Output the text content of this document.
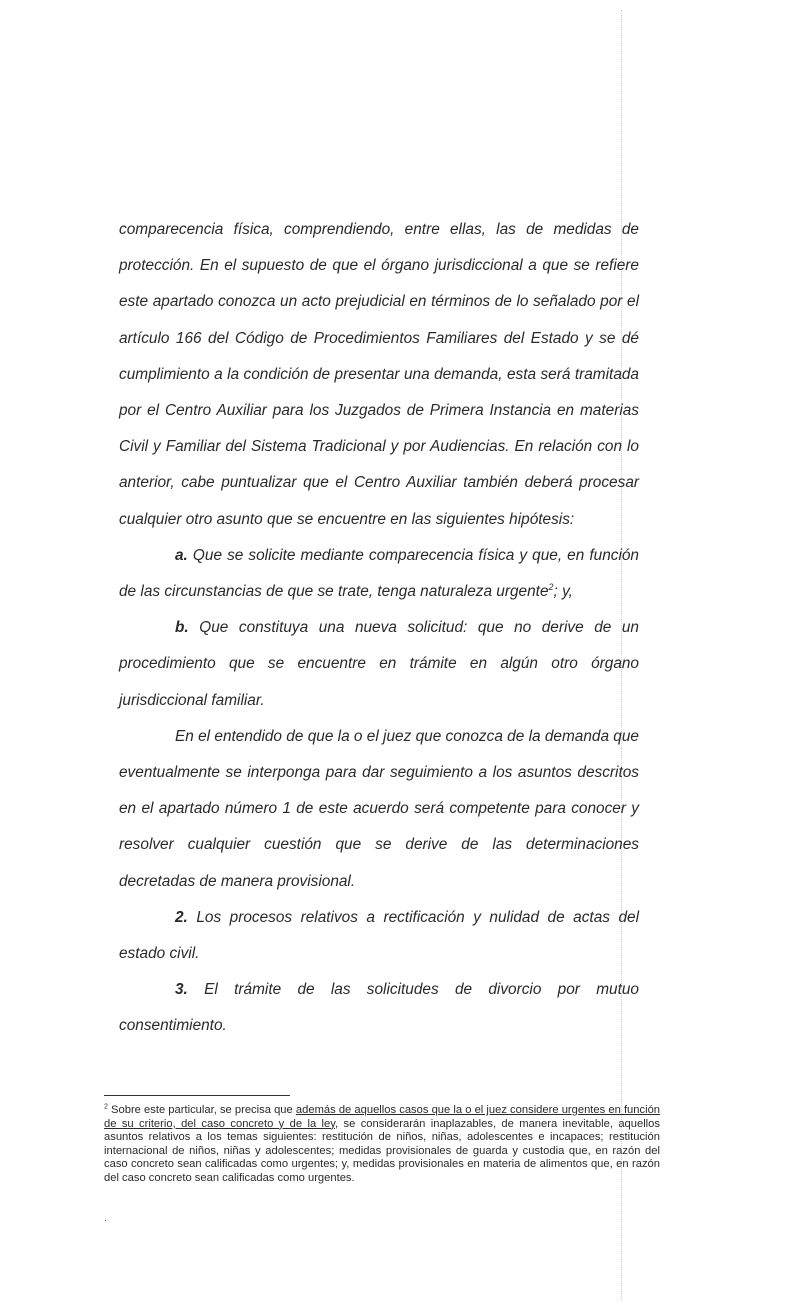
comparecencia física, comprendiendo, entre ellas, las de medidas de protección. En el supuesto de que el órgano jurisdiccional a que se refiere este apartado conozca un acto prejudicial en términos de lo señalado por el artículo 166 del Código de Procedimientos Familiares del Estado y se dé cumplimiento a la condición de presentar una demanda, esta será tramitada por el Centro Auxiliar para los Juzgados de Primera Instancia en materias Civil y Familiar del Sistema Tradicional y por Audiencias. En relación con lo anterior, cabe puntualizar que el Centro Auxiliar también deberá procesar cualquier otro asunto que se encuentre en las siguientes hipótesis:

a. Que se solicite mediante comparecencia física y que, en función de las circunstancias de que se trate, tenga naturaleza urgente$^2$; y,

b. Que constituya una nueva solicitud: que no derive de un procedimiento que se encuentre en trámite en algún otro órgano jurisdiccional familiar.

En el entendido de que la o el juez que conozca de la demanda que eventualmente se interponga para dar seguimiento a los asuntos descritos en el apartado número 1 de este acuerdo será competente para conocer y resolver cualquier cuestión que se derive de las determinaciones decretadas de manera provisional.

2. Los procesos relativos a rectificación y nulidad de actas del estado civil.

3. El trámite de las solicitudes de divorcio por mutuo consentimiento.

$^2$ Sobre este particular, se precisa que además de aquellos casos que la o el juez considere urgentes en función de su criterio, del caso concreto y de la ley, se considerarán inaplazables, de manera inevitable, aquellos asuntos relativos a los temas siguientes: restitución de niños, niñas, adolescentes e incapaces; restitución internacional de niños, niñas y adolescentes; medidas provisionales de guarda y custodia que, en razón del caso concreto sean calificadas como urgentes; y, medidas provisionales en materia de alimentos que, en razón del caso concreto sean calificadas como urgentes.
.
